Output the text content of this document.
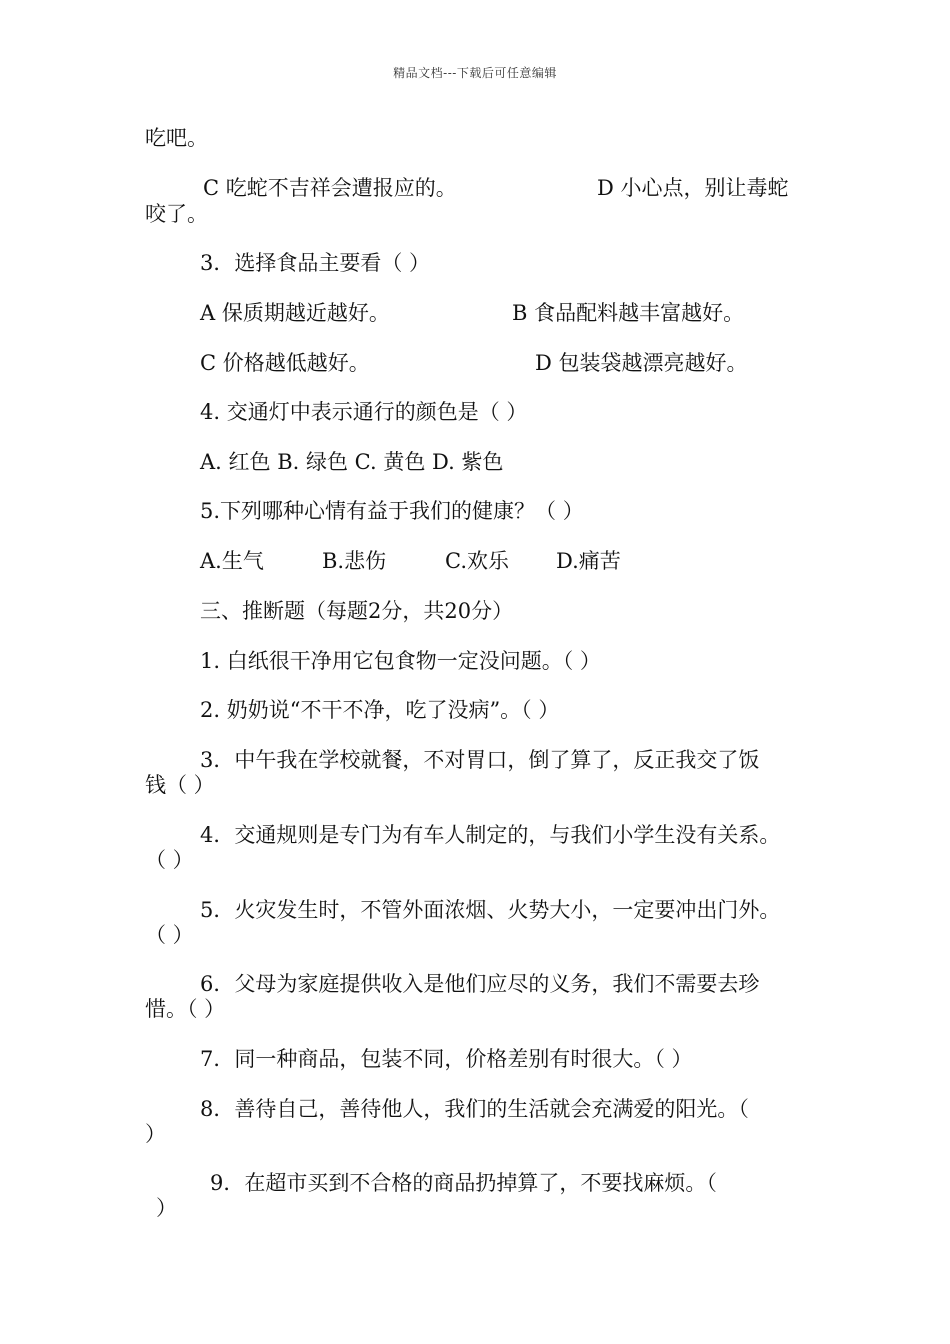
精品文档---下载后可任意编辑
吃吧。
C 吃蛇不吉祥会遭报应的。	D 小心点，别让毒蛇
咬了。
3．选择食品主要看（ ）
A 保质期越近越好。	B 食品配料越丰富越好。
C 价格越低越好。	D 包装袋越漂亮越好。
4. 交通灯中表示通行的颜色是（ ）
A. 红色 B. 绿色 C. 黄色 D. 紫色
5.下列哪种心情有益于我们的健康？（ ）
A.生气	B.悲伤	C.欢乐 D.痛苦
三、推断题（每题2分，共20分）
1. 白纸很干净用它包食物一定没问题。（ ）
2. 奶奶说“不干不净，吃了没病”。（ ）
3．中午我在学校就餐，不对胃口，倒了算了，反正我交了饭
钱（ ）
4．交通规则是专门为有车人制定的，与我们小学生没有关系。
（ ）
5．火灾发生时，不管外面浓烟、火势大小，一定要冲出门外。
（ ）
6．父母为家庭提供收入是他们应尽的义务，我们不需要去珍
惜。（ ）
7．同一种商品，包装不同，价格差别有时很大。（ ）
8．善待自己，善待他人，我们的生活就会充满爱的阳光。（
）
9．在超市买到不合格的商品扔掉算了，不要找麻烦。（
）
